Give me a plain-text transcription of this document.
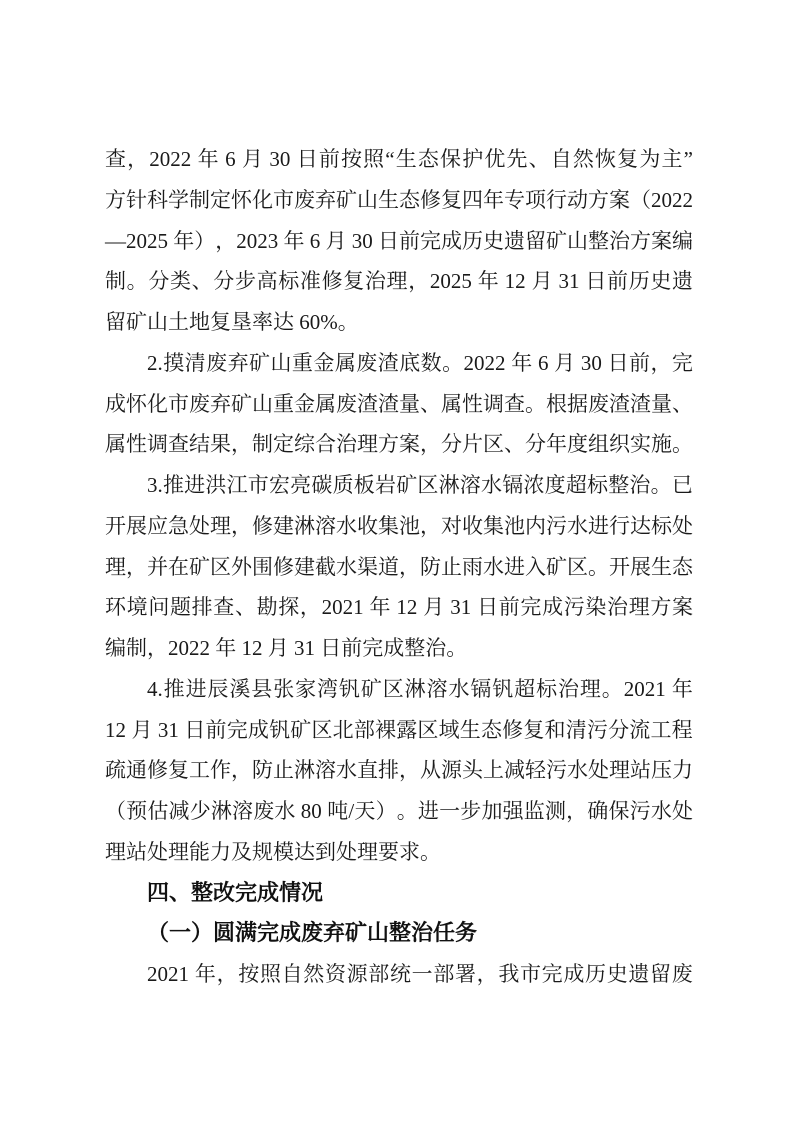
查 ， 2022 年 6 月 30 日 前 按 照 “ 生 态 保 护 优 先 、 自 然 恢 复 为 主 ”
方 针 科 学 制 定 怀 化 市 废 弃 矿 山 生 态 修 复 四 年 专 项 行 动 方 案 （ 2022
— 2025 年 ） ， 2023 年 6 月 30 日 前 完 成 历 史 遗 留 矿 山 整 治 方 案 编
制 。 分 类 、 分 步 高 标 准 修 复 治 理 ， 2025 年 12 月 31 日 前 历 史 遗
留矿山土地复垦率达 60%。
2. 摸 清 废 弃 矿 山 重 金 属 废 渣 底 数 。 2022 年 6 月 30 日 前 ， 完
成 怀 化 市 废 弃 矿 山 重 金 属 废 渣 渣 量 、 属 性 调 查 。 根 据 废 渣 渣 量 、
属性调查结果，制定综合治理方案，分片区、分年度组织实施。
3. 推 进 洪 江 市 宏 亮 碳 质 板 岩 矿 区 淋 溶 水 镉 浓 度 超 标 整 治 。 已
开 展 应 急 处 理 ， 修 建 淋 溶 水 收 集 池 ， 对 收 集 池 内 污 水 进 行 达 标 处
理 ， 并 在 矿 区 外 围 修 建 截 水 渠 道 ， 防 止 雨 水 进 入 矿 区 。 开 展 生 态
环 境 问 题 排 查 、 勘 探 ， 2021 年 12 月 31 日 前 完 成 污 染 治 理 方 案
编制，2022 年 12 月 31 日前完成整治。
4. 推 进 辰 溪 县 张 家 湾 钒 矿 区 淋 溶 水 镉 钒 超 标 治 理 。 2021 年
12 月 31 日 前 完 成 钒 矿 区 北 部 裸 露 区 域 生 态 修 复 和 清 污 分 流 工 程
疏 通 修 复 工 作 ， 防 止 淋 溶 水 直 排 ， 从 源 头 上 减 轻 污 水 处 理 站 压 力
（ 预 估 减 少 淋 溶 废 水 80 吨 / 天 ） 。 进 一 步 加 强 监 测 ， 确 保 污 水 处
理站处理能力及规模达到处理要求。
四、整改完成情况
（一）圆满完成废弃矿山整治任务
2021 年 ， 按 照 自 然 资 源 部 统 一 部 署 ， 我 市 完 成 历 史 遗 留 废
